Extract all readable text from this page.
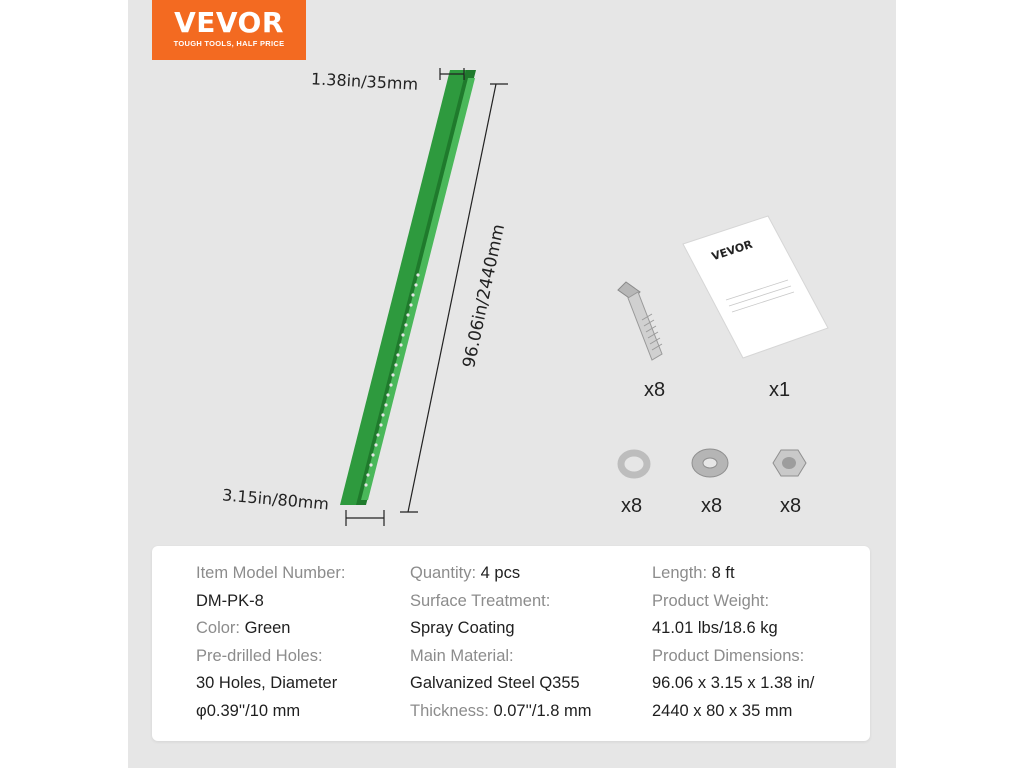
VEVOR
TOUGH TOOLS, HALF PRICE
1.38in/35mm
96.06in/2440mm
3.15in/80mm
VEVOR
x8	x1
x8	x8	x8
Item Model Number:
DM-PK-8
Color: Green
Pre-drilled Holes:
30 Holes, Diameter
φ0.39''/10 mm
Quantity: 4 pcs
Surface Treatment:
Spray Coating
Main Material:
Galvanized Steel Q355
Thickness: 0.07''/1.8 mm
Length: 8 ft
Product Weight:
41.01 lbs/18.6 kg
Product Dimensions:
96.06 x 3.15 x 1.38 in/
2440 x 80 x 35 mm
